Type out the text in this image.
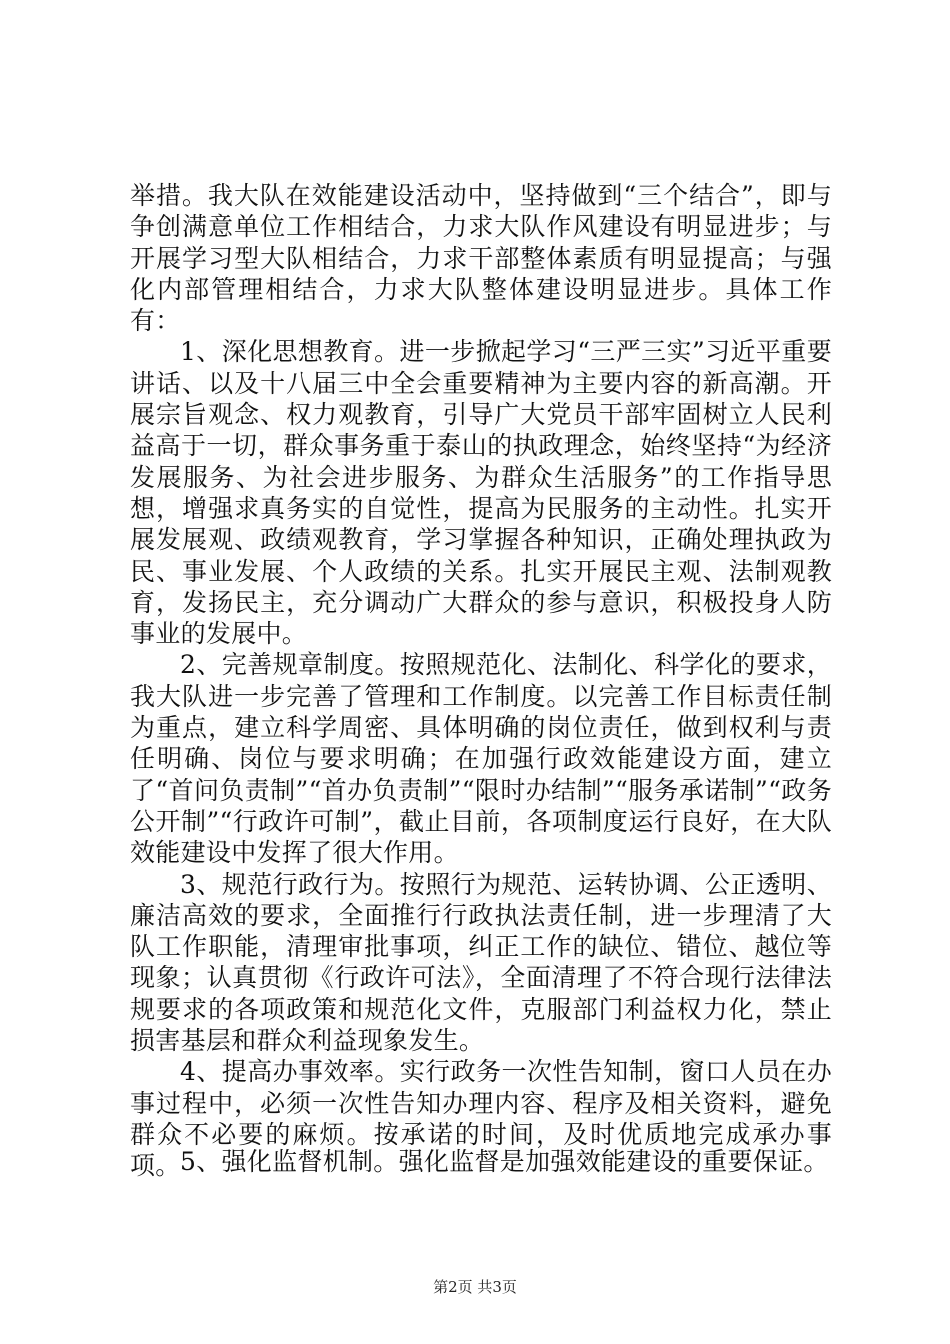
举措。我大队在效能建设活动中，坚持做到“三个结合”，即与争创满意单位工作相结合，力求大队作风建设有明显进步；与开展学习型大队相结合，力求干部整体素质有明显提高；与强化内部管理相结合，力求大队整体建设明显进步。具体工作有：

1、深化思想教育。进一步掀起学习“三严三实”习近平重要讲话、以及十八届三中全会重要精神为主要内容的新高潮。开展宗旨观念、权力观教育，引导广大党员干部牢固树立人民利益高于一切，群众事务重于泰山的执政理念，始终坚持“为经济发展服务、为社会进步服务、为群众生活服务”的工作指导思想，增强求真务实的自觉性，提高为民服务的主动性。扎实开展发展观、政绩观教育，学习掌握各种知识，正确处理执政为民、事业发展、个人政绩的关系。扎实开展民主观、法制观教育，发扬民主，充分调动广大群众的参与意识，积极投身人防事业的发展中。

2、完善规章制度。按照规范化、法制化、科学化的要求，我大队进一步完善了管理和工作制度。以完善工作目标责任制为重点，建立科学周密、具体明确的岗位责任，做到权利与责任明确、岗位与要求明确；在加强行政效能建设方面，建立了“首问负责制”“首办负责制”“限时办结制”“服务承诺制”“政务公开制”“行政许可制”，截止目前，各项制度运行良好，在大队效能建设中发挥了很大作用。

3、规范行政行为。按照行为规范、运转协调、公正透明、廉洁高效的要求，全面推行行政执法责任制，进一步理清了大队工作职能，清理审批事项，纠正工作的缺位、错位、越位等现象；认真贯彻《行政许可法》，全面清理了不符合现行法律法规要求的各项政策和规范化文件，克服部门利益权力化，禁止损害基层和群众利益现象发生。

4、提高办事效率。实行政务一次性告知制，窗口人员在办事过程中，必须一次性告知办理内容、程序及相关资料，避免群众不必要的麻烦。按承诺的时间，及时优质地完成承办事项。 5、强化监督机制。强化监督是加强效能建设的重要保证。

第2页 共3页
